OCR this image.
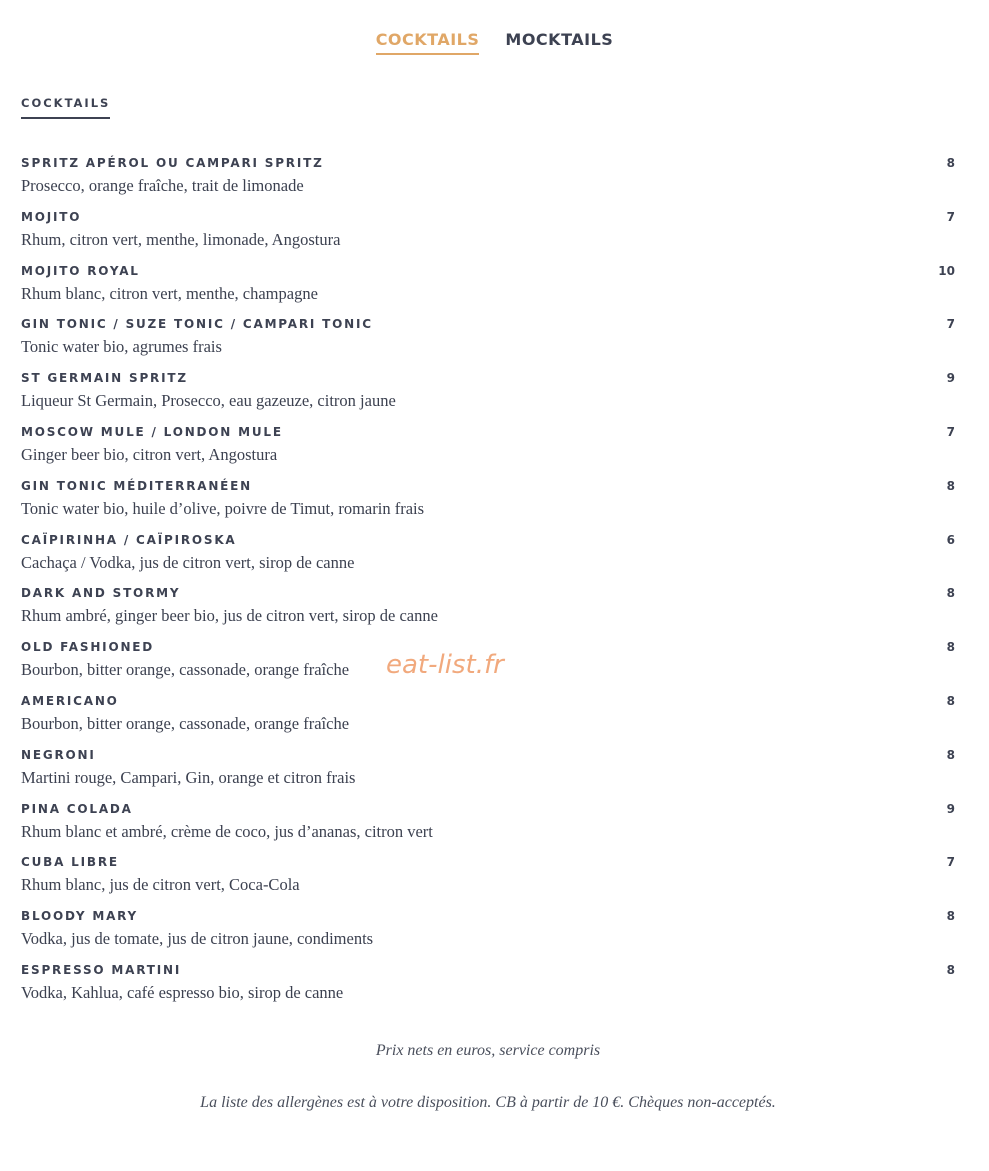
COCKTAILS MOCKTAILS
COCKTAILS
SPRITZ APÉROL OU CAMPARI SPRITZ	8
Prosecco, orange fraîche, trait de limonade
MOJITO	7
Rhum, citron vert, menthe, limonade, Angostura
MOJITO ROYAL	10
Rhum blanc, citron vert, menthe, champagne
GIN TONIC / SUZE TONIC / CAMPARI TONIC	7
Tonic water bio, agrumes frais
ST GERMAIN SPRITZ	9
Liqueur St Germain, Prosecco, eau gazeuze, citron jaune
MOSCOW MULE / LONDON MULE	7
Ginger beer bio, citron vert, Angostura
GIN TONIC MÉDITERRANÉEN	8
Tonic water bio, huile d’olive, poivre de Timut, romarin frais
CAÏPIRINHA / CAÏPIROSKA	6
Cachaça / Vodka, jus de citron vert, sirop de canne
DARK AND STORMY	8
Rhum ambré, ginger beer bio, jus de citron vert, sirop de canne
OLD FASHIONED	8
Bourbon, bitter orange, cassonade, orange fraîche
AMERICANO	8
Bourbon, bitter orange, cassonade, orange fraîche
NEGRONI	8
Martini rouge, Campari, Gin, orange et citron frais
PINA COLADA	9
Rhum blanc et ambré, crème de coco, jus d’ananas, citron vert
CUBA LIBRE	7
Rhum blanc, jus de citron vert, Coca-Cola
BLOODY MARY	8
Vodka, jus de tomate, jus de citron jaune, condiments
ESPRESSO MARTINI	8
Vodka, Kahlua, café espresso bio, sirop de canne
eat-list.fr
Prix nets en euros, service compris
La liste des allergènes est à votre disposition. CB à partir de 10 €. Chèques non-acceptés.
